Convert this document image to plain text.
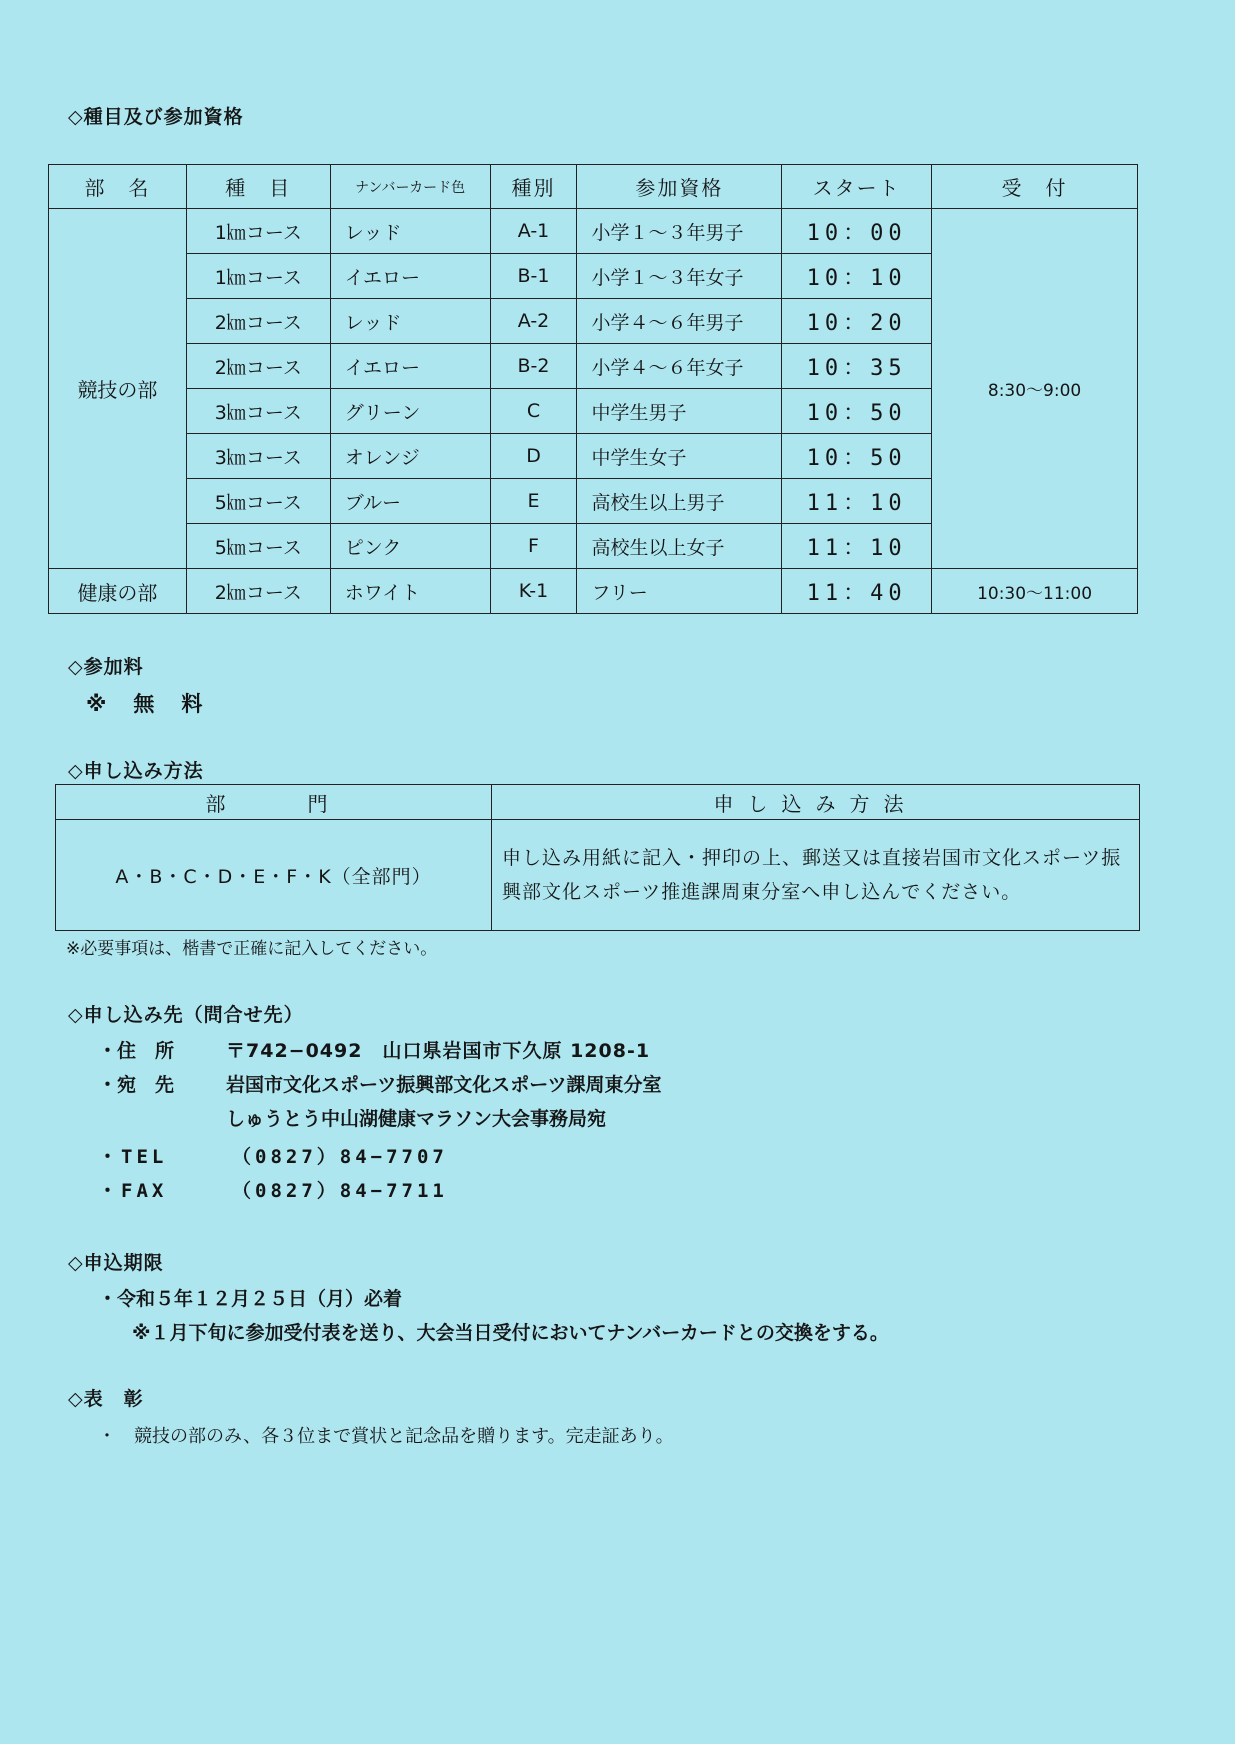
◇種目及び参加資格
部　名	種　目	ナンバーカード色	種別	参加資格	スタート	受　付
競技の部	1㎞コース	レッド	A-1	小学１～３年男子	10：00	8:30〜9:00
	1㎞コース	イエロー	B-1	小学１～３年女子	10：10	
	2㎞コース	レッド	A-2	小学４～６年男子	10：20	
	2㎞コース	イエロー	B-2	小学４～６年女子	10：35	
	3㎞コース	グリーン	C	中学生男子	10：50	
	3㎞コース	オレンジ	D	中学生女子	10：50	
	5㎞コース	ブルー	E	高校生以上男子	11：10	
	5㎞コース	ピンク	F	高校生以上女子	11：10	
健康の部	2㎞コース	ホワイト	K-1	フリー	11：40	10:30〜11:00
◇参加料
※　無　料
◇申し込み方法
部　　門	申し込み方法
A・B・C・D・E・F・K（全部門）	申し込み用紙に記入・押印の上、郵送又は直接岩国市文化スポーツ振興部文化スポーツ推進課周東分室へ申し込んでください。
※必要事項は、楷書で正確に記入してください。
◇申し込み先（問合せ先）
・住　所	〒742−0492　山口県岩国市下久原 1208-1
・宛　先	岩国市文化スポーツ振興部文化スポーツ課周東分室
しゅうとう中山湖健康マラソン大会事務局宛
・TEL	（0827）84−7707
・FAX	（0827）84−7711
◇申込期限
・令和５年１２月２５日（月）必着
※１月下旬に参加受付表を送り、大会当日受付においてナンバーカードとの交換をする。
◇表　彰
・　競技の部のみ、各３位まで賞状と記念品を贈ります。完走証あり。
